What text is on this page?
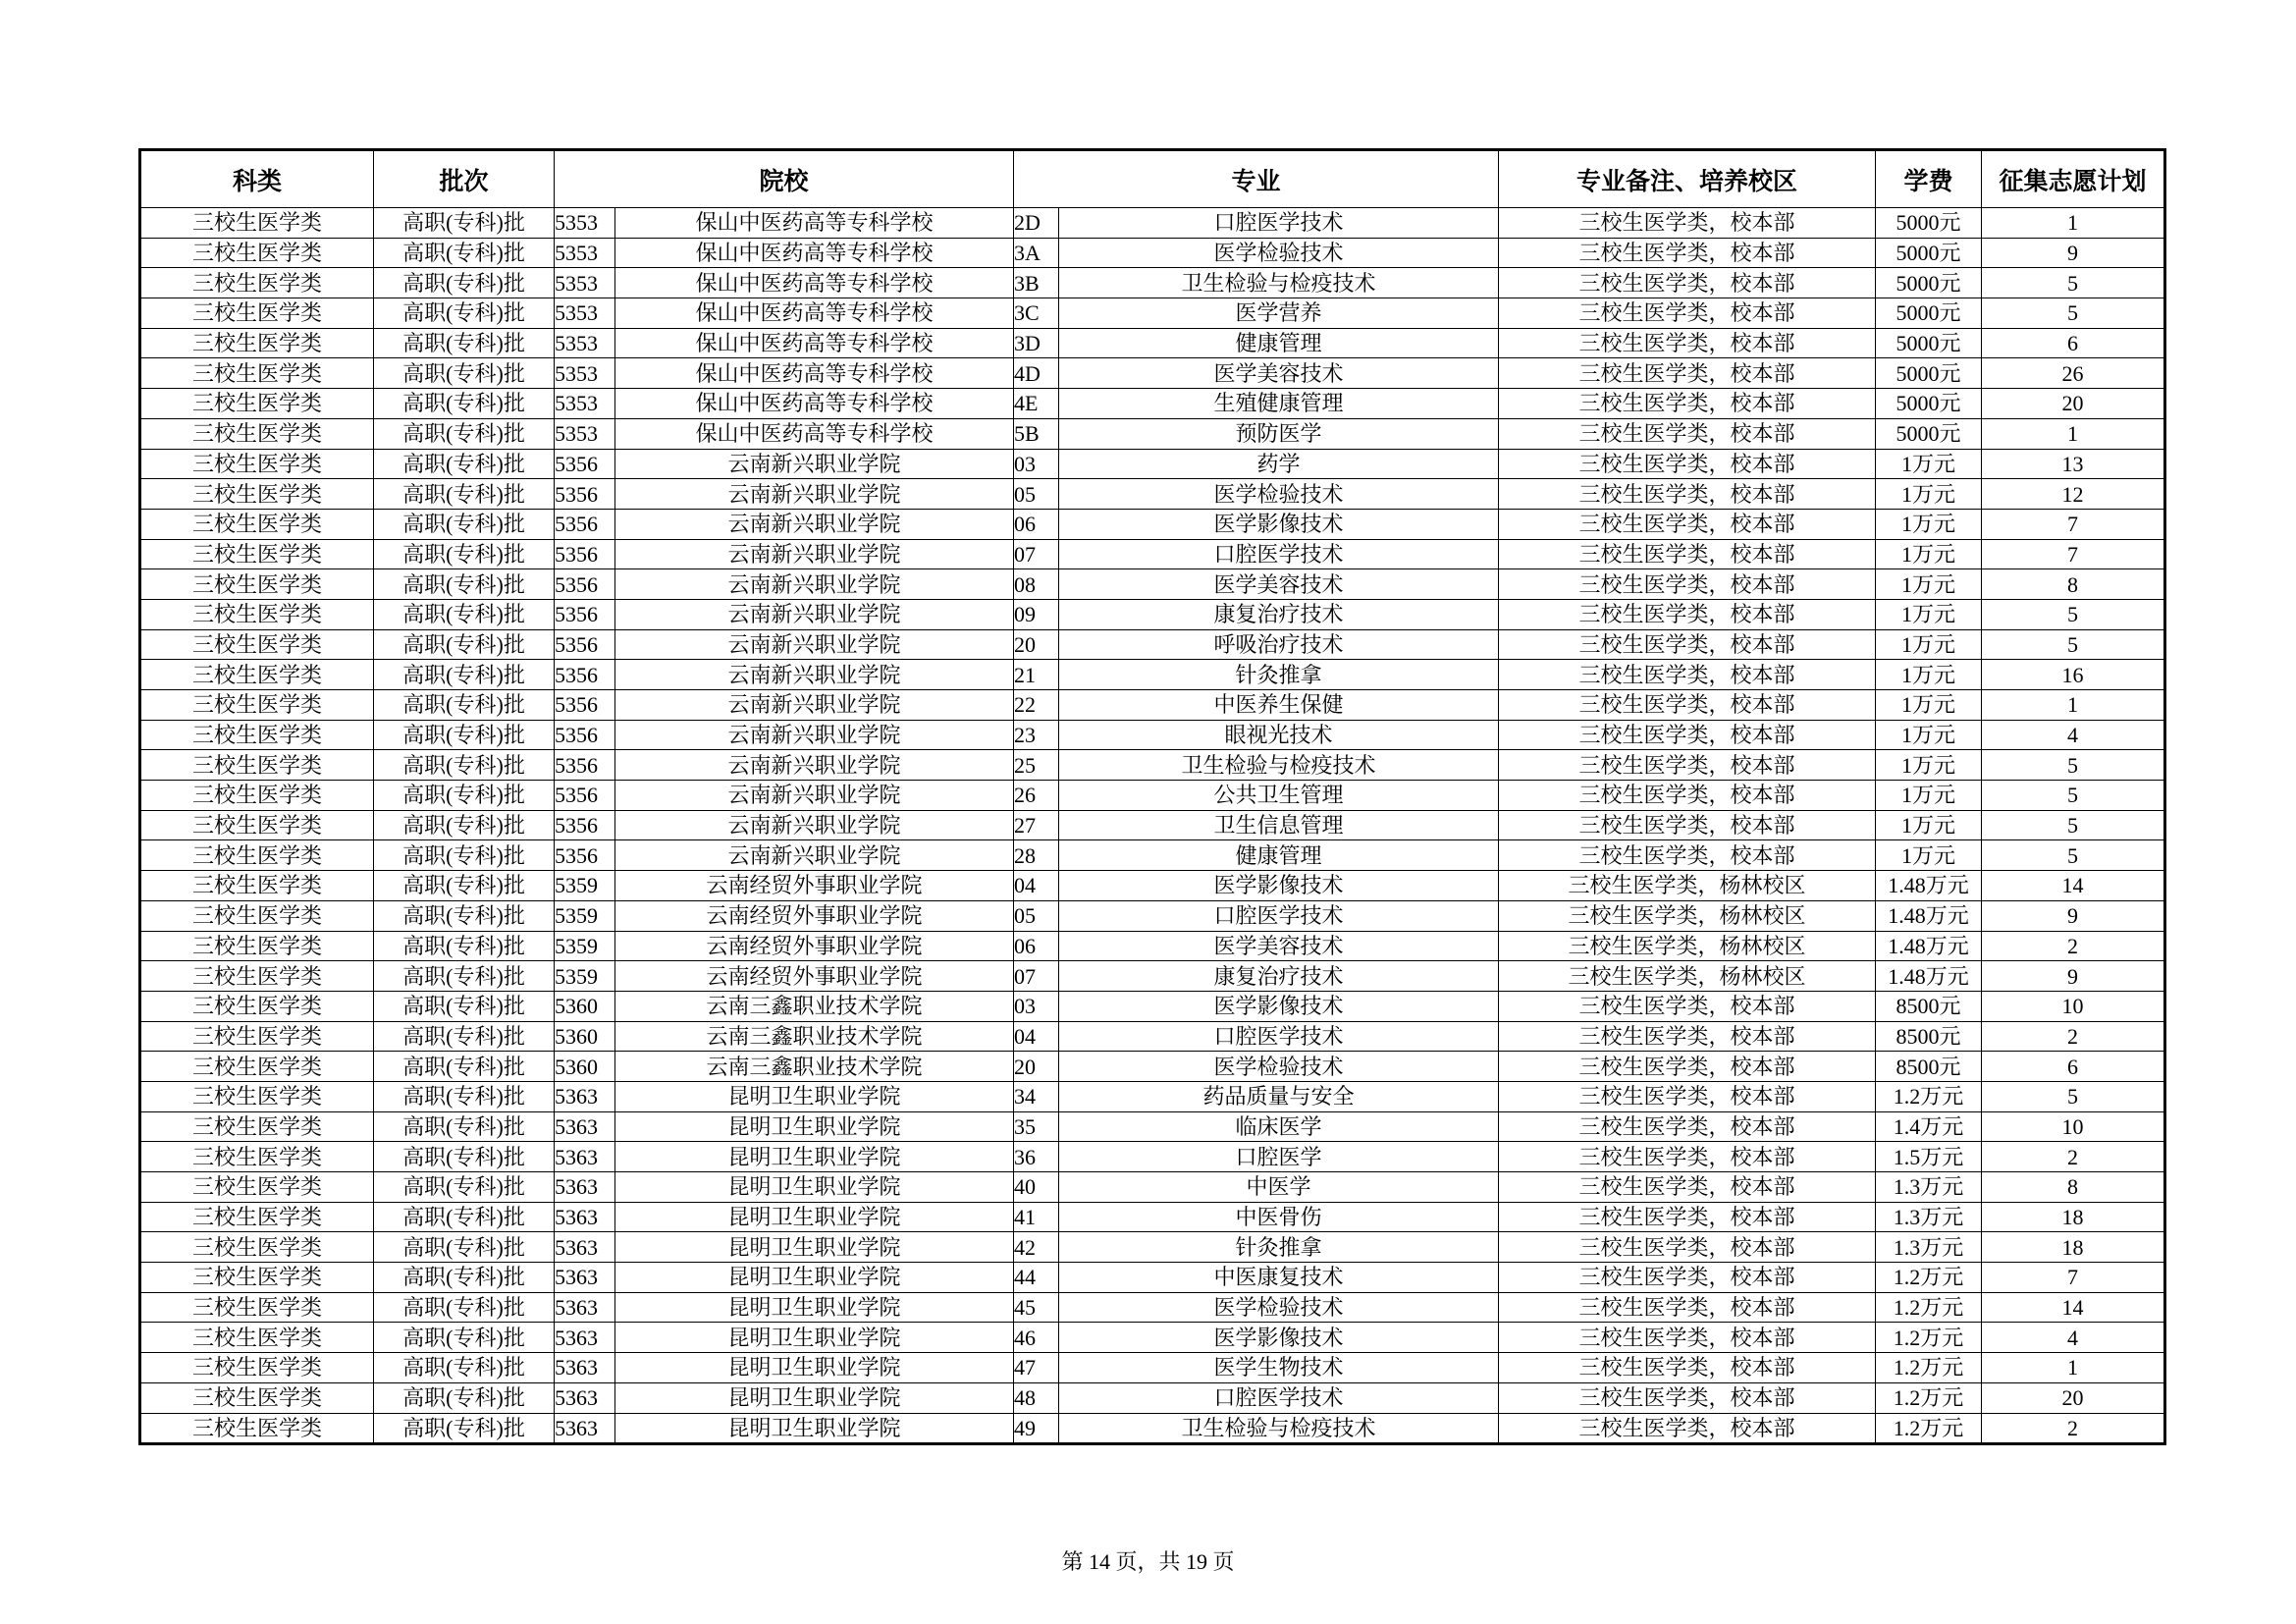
科类	批次	院校		专业		专业备注、培养校区	学费	征集志愿计划
三校生医学类	高职(专科)批	5353	保山中医药高等专科学校	2D	口腔医学技术	三校生医学类，校本部	5000元	1
三校生医学类	高职(专科)批	5353	保山中医药高等专科学校	3A	医学检验技术	三校生医学类，校本部	5000元	9
三校生医学类	高职(专科)批	5353	保山中医药高等专科学校	3B	卫生检验与检疫技术	三校生医学类，校本部	5000元	5
三校生医学类	高职(专科)批	5353	保山中医药高等专科学校	3C	医学营养	三校生医学类，校本部	5000元	5
三校生医学类	高职(专科)批	5353	保山中医药高等专科学校	3D	健康管理	三校生医学类，校本部	5000元	6
三校生医学类	高职(专科)批	5353	保山中医药高等专科学校	4D	医学美容技术	三校生医学类，校本部	5000元	26
三校生医学类	高职(专科)批	5353	保山中医药高等专科学校	4E	生殖健康管理	三校生医学类，校本部	5000元	20
三校生医学类	高职(专科)批	5353	保山中医药高等专科学校	5B	预防医学	三校生医学类，校本部	5000元	1
三校生医学类	高职(专科)批	5356	云南新兴职业学院	03	药学	三校生医学类，校本部	1万元	13
三校生医学类	高职(专科)批	5356	云南新兴职业学院	05	医学检验技术	三校生医学类，校本部	1万元	12
三校生医学类	高职(专科)批	5356	云南新兴职业学院	06	医学影像技术	三校生医学类，校本部	1万元	7
三校生医学类	高职(专科)批	5356	云南新兴职业学院	07	口腔医学技术	三校生医学类，校本部	1万元	7
三校生医学类	高职(专科)批	5356	云南新兴职业学院	08	医学美容技术	三校生医学类，校本部	1万元	8
三校生医学类	高职(专科)批	5356	云南新兴职业学院	09	康复治疗技术	三校生医学类，校本部	1万元	5
三校生医学类	高职(专科)批	5356	云南新兴职业学院	20	呼吸治疗技术	三校生医学类，校本部	1万元	5
三校生医学类	高职(专科)批	5356	云南新兴职业学院	21	针灸推拿	三校生医学类，校本部	1万元	16
三校生医学类	高职(专科)批	5356	云南新兴职业学院	22	中医养生保健	三校生医学类，校本部	1万元	1
三校生医学类	高职(专科)批	5356	云南新兴职业学院	23	眼视光技术	三校生医学类，校本部	1万元	4
三校生医学类	高职(专科)批	5356	云南新兴职业学院	25	卫生检验与检疫技术	三校生医学类，校本部	1万元	5
三校生医学类	高职(专科)批	5356	云南新兴职业学院	26	公共卫生管理	三校生医学类，校本部	1万元	5
三校生医学类	高职(专科)批	5356	云南新兴职业学院	27	卫生信息管理	三校生医学类，校本部	1万元	5
三校生医学类	高职(专科)批	5356	云南新兴职业学院	28	健康管理	三校生医学类，校本部	1万元	5
三校生医学类	高职(专科)批	5359	云南经贸外事职业学院	04	医学影像技术	三校生医学类，杨林校区	1.48万元	14
三校生医学类	高职(专科)批	5359	云南经贸外事职业学院	05	口腔医学技术	三校生医学类，杨林校区	1.48万元	9
三校生医学类	高职(专科)批	5359	云南经贸外事职业学院	06	医学美容技术	三校生医学类，杨林校区	1.48万元	2
三校生医学类	高职(专科)批	5359	云南经贸外事职业学院	07	康复治疗技术	三校生医学类，杨林校区	1.48万元	9
三校生医学类	高职(专科)批	5360	云南三鑫职业技术学院	03	医学影像技术	三校生医学类，校本部	8500元	10
三校生医学类	高职(专科)批	5360	云南三鑫职业技术学院	04	口腔医学技术	三校生医学类，校本部	8500元	2
三校生医学类	高职(专科)批	5360	云南三鑫职业技术学院	20	医学检验技术	三校生医学类，校本部	8500元	6
三校生医学类	高职(专科)批	5363	昆明卫生职业学院	34	药品质量与安全	三校生医学类，校本部	1.2万元	5
三校生医学类	高职(专科)批	5363	昆明卫生职业学院	35	临床医学	三校生医学类，校本部	1.4万元	10
三校生医学类	高职(专科)批	5363	昆明卫生职业学院	36	口腔医学	三校生医学类，校本部	1.5万元	2
三校生医学类	高职(专科)批	5363	昆明卫生职业学院	40	中医学	三校生医学类，校本部	1.3万元	8
三校生医学类	高职(专科)批	5363	昆明卫生职业学院	41	中医骨伤	三校生医学类，校本部	1.3万元	18
三校生医学类	高职(专科)批	5363	昆明卫生职业学院	42	针灸推拿	三校生医学类，校本部	1.3万元	18
三校生医学类	高职(专科)批	5363	昆明卫生职业学院	44	中医康复技术	三校生医学类，校本部	1.2万元	7
三校生医学类	高职(专科)批	5363	昆明卫生职业学院	45	医学检验技术	三校生医学类，校本部	1.2万元	14
三校生医学类	高职(专科)批	5363	昆明卫生职业学院	46	医学影像技术	三校生医学类，校本部	1.2万元	4
三校生医学类	高职(专科)批	5363	昆明卫生职业学院	47	医学生物技术	三校生医学类，校本部	1.2万元	1
三校生医学类	高职(专科)批	5363	昆明卫生职业学院	48	口腔医学技术	三校生医学类，校本部	1.2万元	20
三校生医学类	高职(专科)批	5363	昆明卫生职业学院	49	卫生检验与检疫技术	三校生医学类，校本部	1.2万元	2
第 14 页，共 19 页
